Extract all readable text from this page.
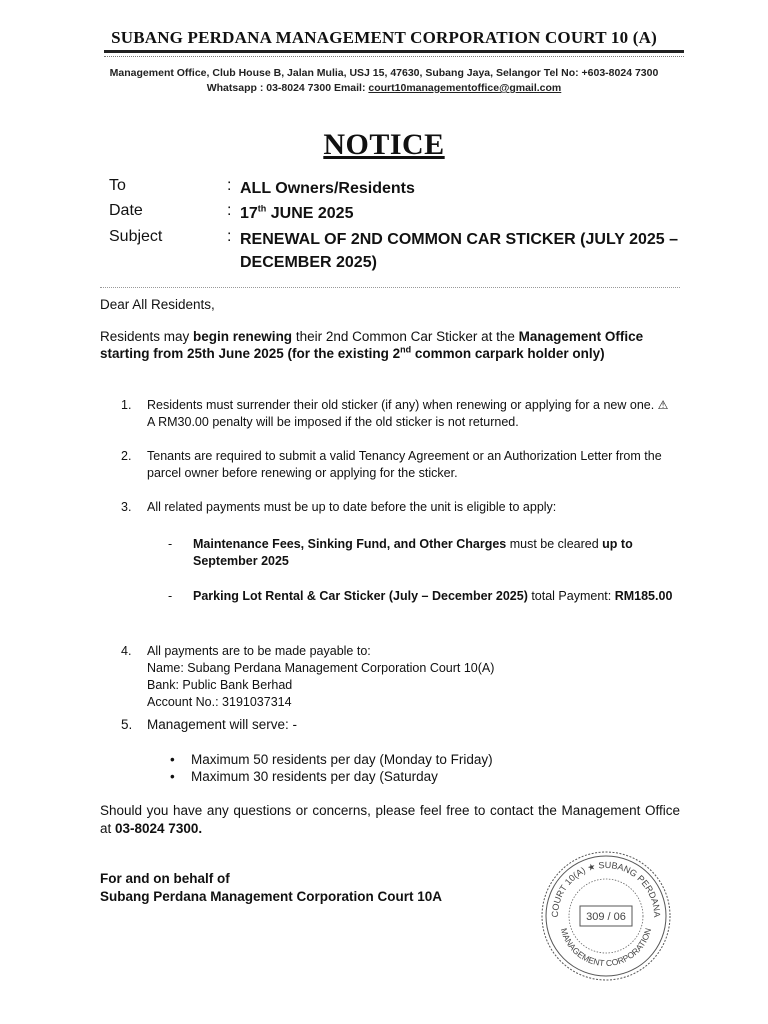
SUBANG PERDANA MANAGEMENT CORPORATION COURT 10 (A)
Management Office, Club House B, Jalan Mulia, USJ 15, 47630, Subang Jaya, Selangor Tel No: +603-8024 7300
Whatsapp : 03-8024 7300 Email: court10managementoffice@gmail.com
NOTICE
To	: ALL Owners/Residents
Date	: 17th JUNE 2025
Subject	: RENEWAL OF 2ND COMMON CAR STICKER (JULY 2025 – DECEMBER 2025)
Dear All Residents,
Residents may begin renewing their 2nd Common Car Sticker at the Management Office starting from 25th June 2025 (for the existing 2nd common carpark holder only)
1. Residents must surrender their old sticker (if any) when renewing or applying for a new one. ⚠ A RM30.00 penalty will be imposed if the old sticker is not returned.
2. Tenants are required to submit a valid Tenancy Agreement or an Authorization Letter from the parcel owner before renewing or applying for the sticker.
3. All related payments must be up to date before the unit is eligible to apply:
- Maintenance Fees, Sinking Fund, and Other Charges must be cleared up to September 2025
- Parking Lot Rental & Car Sticker (July – December 2025) total Payment: RM185.00
4. All payments are to be made payable to:
Name: Subang Perdana Management Corporation Court 10(A)
Bank: Public Bank Berhad
Account No.: 3191037314
5. Management will serve: -
• Maximum 50 residents per day (Monday to Friday)
• Maximum 30 residents per day (Saturday
Should you have any questions or concerns, please feel free to contact the Management Office at 03-8024 7300.
For and on behalf of
Subang Perdana Management Corporation Court 10A
COURT 10(A) ★ SUBANG PERDANA
MANAGEMENT CORPORATION
309 / 06
